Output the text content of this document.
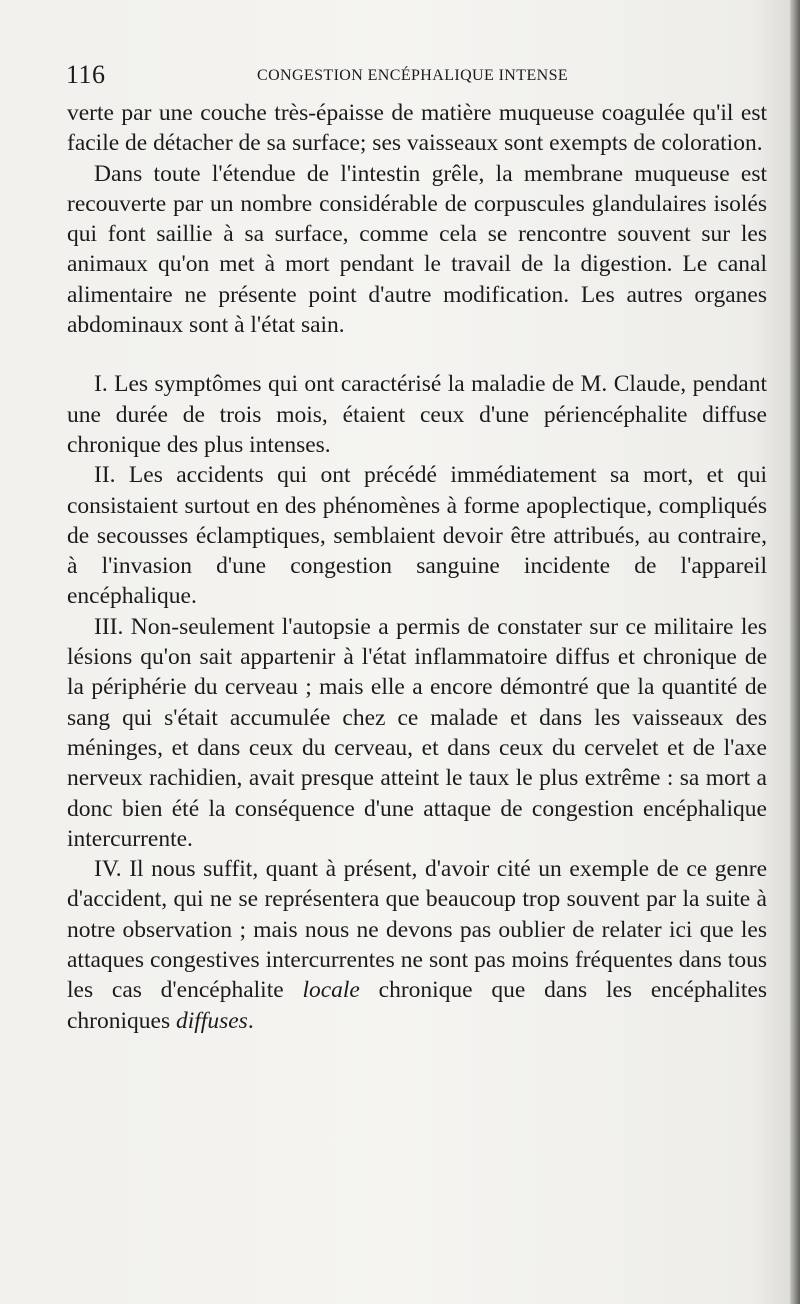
116	CONGESTION ENCÉPHALIQUE INTENSE

verte par une couche très-épaisse de matière muqueuse coagulée qu'il est facile de détacher de sa surface; ses vaisseaux sont exempts de coloration.

Dans toute l'étendue de l'intestin grêle, la membrane muqueuse est recouverte par un nombre considérable de corpuscules glandulaires isolés qui font saillie à sa surface, comme cela se rencontre souvent sur les animaux qu'on met à mort pendant le travail de la digestion. Le canal alimentaire ne présente point d'autre modification. Les autres organes abdominaux sont à l'état sain.

I. Les symptômes qui ont caractérisé la maladie de M. Claude, pendant une durée de trois mois, étaient ceux d'une périencéphalite diffuse chronique des plus intenses.

II. Les accidents qui ont précédé immédiatement sa mort, et qui consistaient surtout en des phénomènes à forme apoplectique, compliqués de secousses éclamptiques, semblaient devoir être attribués, au contraire, à l'invasion d'une congestion sanguine incidente de l'appareil encéphalique.

III. Non-seulement l'autopsie a permis de constater sur ce militaire les lésions qu'on sait appartenir à l'état inflammatoire diffus et chronique de la périphérie du cerveau ; mais elle a encore démontré que la quantité de sang qui s'était accumulée chez ce malade et dans les vaisseaux des méninges, et dans ceux du cerveau, et dans ceux du cervelet et de l'axe nerveux rachidien, avait presque atteint le taux le plus extrême : sa mort a donc bien été la conséquence d'une attaque de congestion encéphalique intercurrente.

IV. Il nous suffit, quant à présent, d'avoir cité un exemple de ce genre d'accident, qui ne se représentera que beaucoup trop souvent par la suite à notre observation ; mais nous ne devons pas oublier de relater ici que les attaques congestives intercurrentes ne sont pas moins fréquentes dans tous les cas d'encéphalite locale chronique que dans les encéphalites chroniques diffuses.
